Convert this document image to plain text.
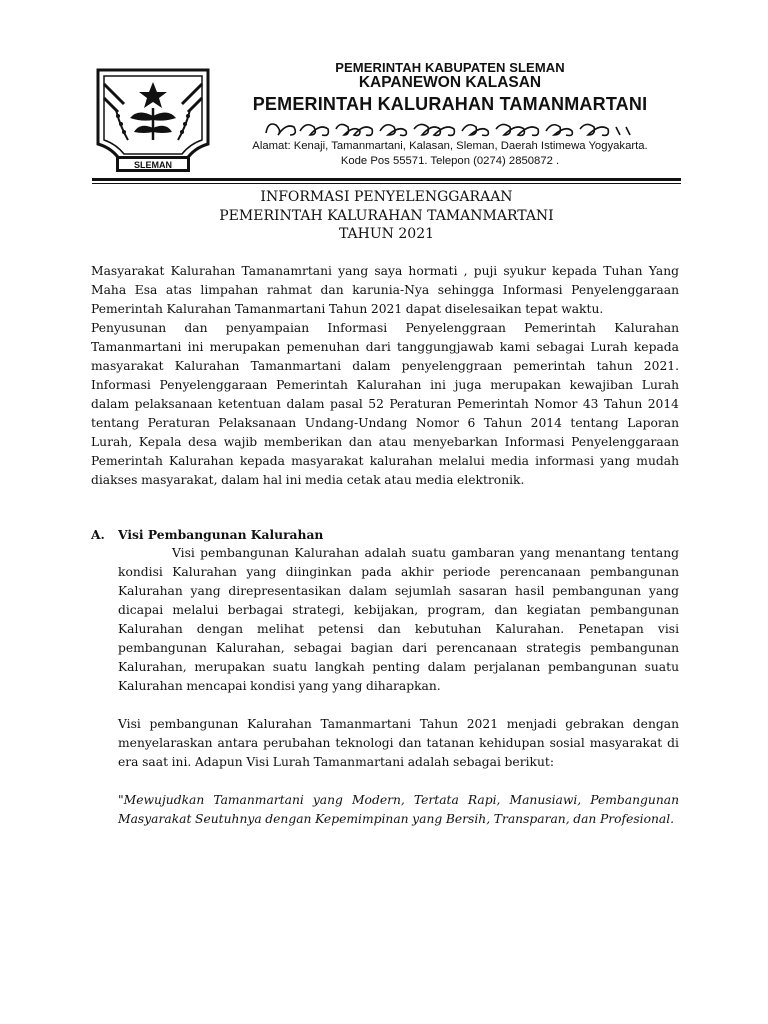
SLEMAN
PEMERINTAH KABUPATEN SLEMAN
KAPANEWON KALASAN
PEMERINTAH KALURAHAN TAMANMARTANI
Alamat: Kenaji, Tamanmartani, Kalasan, Sleman, Daerah Istimewa Yogyakarta.
Kode Pos 55571. Telepon (0274) 2850872 .
INFORMASI PENYELENGGARAAN
PEMERINTAH KALURAHAN TAMANMARTANI
TAHUN 2021

Masyarakat Kalurahan Tamanamrtani yang saya hormati , puji syukur kepada Tuhan Yang Maha Esa atas limpahan rahmat dan karunia-Nya sehingga Informasi Penyelenggaraan Pemerintah Kalurahan Tamanmartani Tahun 2021 dapat diselesaikan tepat waktu.

Penyusunan dan penyampaian Informasi Penyelenggraan Pemerintah Kalurahan Tamanmartani ini merupakan pemenuhan dari tanggungjawab kami sebagai Lurah kepada masyarakat Kalurahan Tamanmartani dalam penyelenggraan pemerintah tahun 2021. Informasi Penyelenggaraan Pemerintah Kalurahan ini juga merupakan kewajiban Lurah dalam pelaksanaan ketentuan dalam pasal 52 Peraturan Pemerintah Nomor 43 Tahun 2014 tentang Peraturan Pelaksanaan Undang-Undang Nomor 6 Tahun 2014 tentang Laporan Lurah, Kepala desa wajib memberikan dan atau menyebarkan Informasi Penyelenggaraan Pemerintah Kalurahan kepada masyarakat kalurahan melalui media informasi yang mudah diakses masyarakat, dalam hal ini media cetak atau media elektronik.

A. Visi Pembangunan Kalurahan

Visi pembangunan Kalurahan adalah suatu gambaran yang menantang tentang kondisi Kalurahan yang diinginkan pada akhir periode perencanaan pembangunan Kalurahan yang direpresentasikan dalam sejumlah sasaran hasil pembangunan yang dicapai melalui berbagai strategi, kebijakan, program, dan kegiatan pembangunan Kalurahan dengan melihat petensi dan kebutuhan Kalurahan. Penetapan visi pembangunan Kalurahan, sebagai bagian dari perencanaan strategis pembangunan Kalurahan, merupakan suatu langkah penting dalam perjalanan pembangunan suatu Kalurahan mencapai kondisi yang yang diharapkan.

Visi pembangunan Kalurahan Tamanmartani Tahun 2021 menjadi gebrakan dengan menyelaraskan antara perubahan teknologi dan tatanan kehidupan sosial masyarakat di era saat ini. Adapun Visi Lurah Tamanmartani adalah sebagai berikut:

"Mewujudkan Tamanmartani yang Modern, Tertata Rapi, Manusiawi, Pembangunan Masyarakat Seutuhnya dengan Kepemimpinan yang Bersih, Transparan, dan Profesional.
